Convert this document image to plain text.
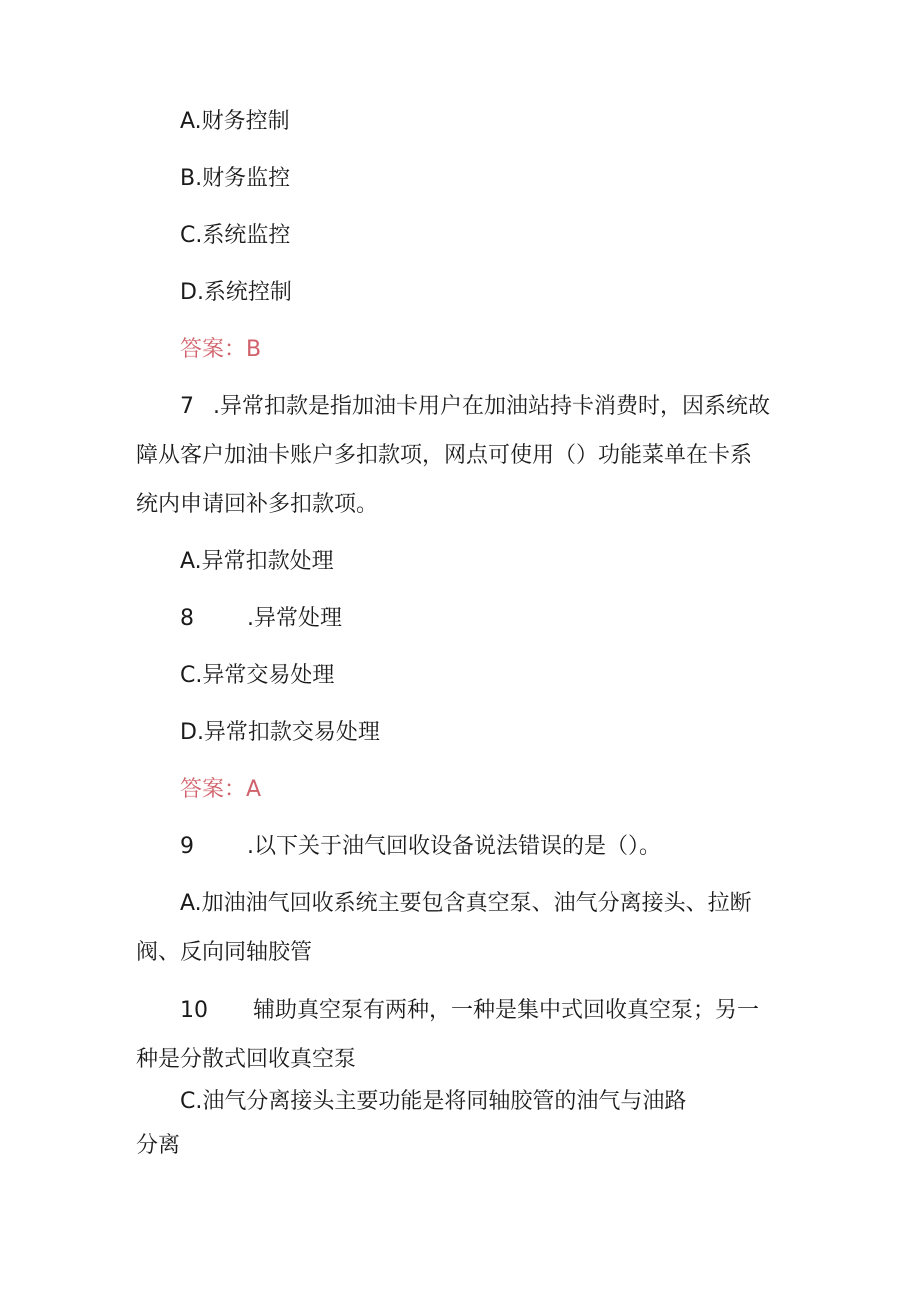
A.财务控制

B.财务监控

C.系统监控

D.系统控制

答案：B

7 .异常扣款是指加油卡用户在加油站持卡消费时，因系统故

障从客户加油卡账户多扣款项，网点可使用（）功能菜单在卡系

统内申请回补多扣款项。

A.异常扣款处理

8 .异常处理

C.异常交易处理

D.异常扣款交易处理

答案：A

9 .以下关于油气回收设备说法错误的是（）。

A.加油油气回收系统主要包含真空泵、油气分离接头、拉断

阀、反向同轴胶管

10 辅助真空泵有两种，一种是集中式回收真空泵；另一

种是分散式回收真空泵

C.油气分离接头主要功能是将同轴胶管的油气与油路

分离
